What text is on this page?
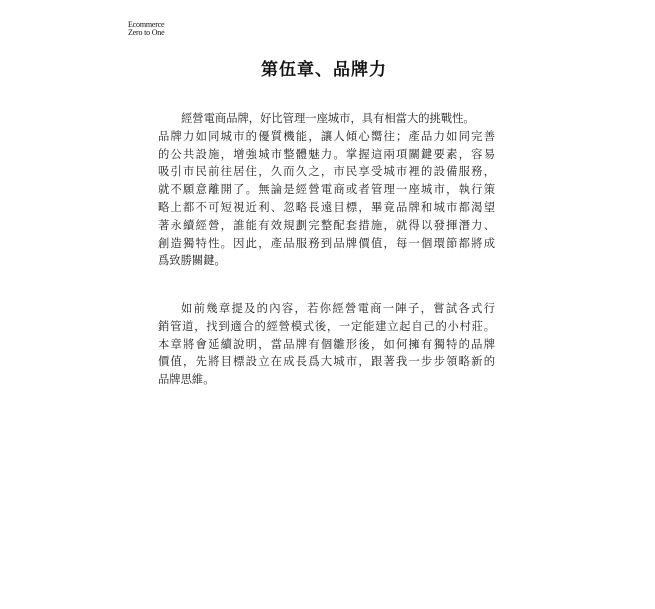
Ecommerce
Zero to One
第伍章、品牌力
經營電商品牌，好比管理一座城市，具有相當大的挑戰性。
品牌力如同城市的優質機能，讓人傾心嚮往；產品力如同完善
的公共設施，增強城市整體魅力。掌握這兩項關鍵要素，容易
吸引市民前往居住，久而久之，市民享受城市裡的設備服務，
就不願意離開了。無論是經營電商或者管理一座城市，執行策
略上都不可短視近利、忽略長遠目標，畢竟品牌和城市都渴望
著永續經營，誰能有效規劃完整配套措施，就得以發揮潛力、
創造獨特性。因此，產品服務到品牌價值，每一個環節都將成
爲致勝關鍵。
如前幾章提及的內容，若你經營電商一陣子，嘗試各式行
銷管道，找到適合的經營模式後，一定能建立起自己的小村莊。
本章將會延續說明，當品牌有個雛形後，如何擁有獨特的品牌
價值，先將目標設立在成長爲大城市，跟著我一步步領略新的
品牌思維。
